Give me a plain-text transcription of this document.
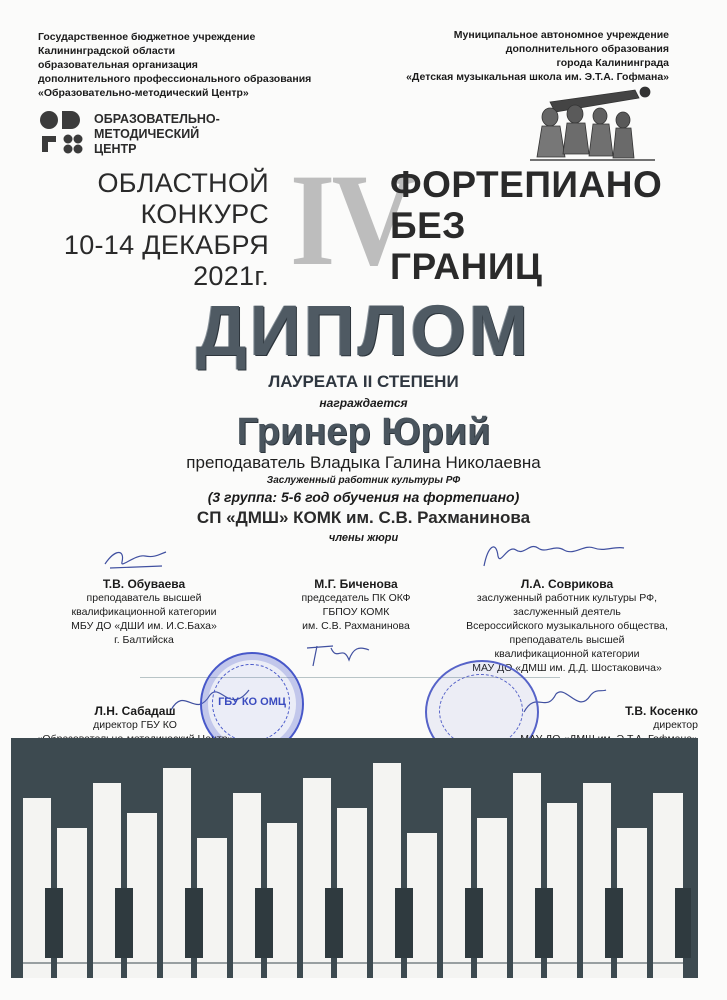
Государственное бюджетное учреждение
Калининградской области
образовательная организация
дополнительного профессионального образования
«Образовательно-методический Центр»
Муниципальное автономное учреждение
дополнительного образования
города Калининграда
«Детская музыкальная школа им. Э.Т.А. Гофмана»
ОБРАЗОВАТЕЛЬНО-
МЕТОДИЧЕСКИЙ
ЦЕНТР
ОБЛАСТНОЙ
КОНКУРС
10-14 ДЕКАБРЯ
2021г. IV
ФОРТЕПИАНО
БЕЗ
ГРАНИЦ
ДИПЛОМ
ЛАУРЕАТА II СТЕПЕНИ
награждается
Гринер Юрий
преподаватель Владыка Галина Николаевна
Заслуженный работник культуры РФ
(3 группа: 5-6 год обучения на фортепиано)
СП «ДМШ» КОМК им. С.В. Рахманинова
члены жюри
Т.В. Обуваева
преподаватель высшей
квалификационной категории
МБУ ДО «ДШИ им. И.С.Баха»
г. Балтийска
М.Г. Биченова
председатель ПК ОКФ
ГБПОУ КОМК
им. С.В. Рахманинова
Л.А. Соврикова
заслуженный работник культуры РФ,
заслуженный деятель
Всероссийского музыкального общества,
преподаватель высшей
квалификационной категории
МАУ ДО «ДМШ им. Д.Д. Шостаковича»
ГБУ КО ОМЦ
Л.Н. Сабадаш
директор ГБУ КО
Т.В. Косенко
директор
